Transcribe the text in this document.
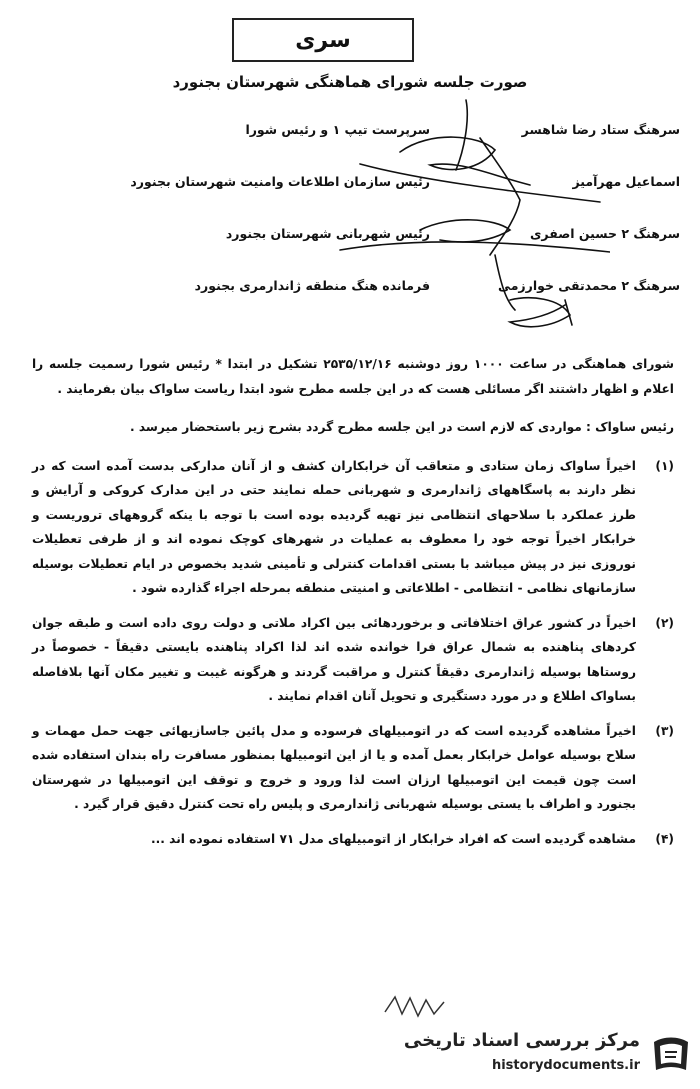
سری
صورت جلسه شورای هماهنگی شهرستان بجنورد
سرهنگ ستاد رضا شاهسر
سرپرست تیپ ۱ و رئیس شورا
اسماعیل مهرآمیز
رئیس سازمان اطلاعات وامنیت شهرستان بجنورد
سرهنگ ۲ حسین اصفری
رئیس شهربانی شهرستان بجنورد
سرهنگ ۲ محمدتقی خوارزمی
فرمانده هنگ منطقه ژاندارمری بجنورد

شورای هماهنگی در ساعت ۱۰۰۰ روز دوشنبه ۲۵۳۵/۱۲/۱۶ تشکیل در ابتدا * رئیس شورا رسمیت جلسه را اعلام و اظهار داشتند اگر مسائلی هست که در این جلسه مطرح شود ابتدا ریاست ساواک بیان بفرمایند .

رئیس ساواک : مواردی که لازم است در این جلسه مطرح گردد بشرح زیر باستحضار میرسد .

(۱)
اخیراً ساواک زمان ستادی و متعاقب آن خرابکاران کشف و از آنان مدارکی بدست آمده است که در نظر دارند به پاسگاههای ژاندارمری و شهربانی حمله نمایند حتی در این مدارک کروکی و آرایش و طرز عملکرد با سلاحهای انتظامی نیز تهیه گردیده بوده است با توجه با ینکه گروههای تروریست و خرابکار اخیراً توجه خود را معطوف به عملیات در شهرهای کوچک نموده اند و از طرفی تعطیلات نوروزی نیز در پیش میباشد با بستی اقدامات کنترلی و تأمینی شدید بخصوص در ایام تعطیلات بوسیله سازمانهای نظامی - انتظامی - اطلاعاتی و امنیتی منطقه بمرحله اجراء گذارده شود .
(۲)
اخیراً در کشور عراق اختلافاتی و برخوردهائی بین اکراد ملاتی و دولت روی داده است و طبقه جوان کردهای پناهنده به شمال عراق فرا خوانده شده اند لذا اکراد پناهنده بایستی دقیقاً - خصوصاً در روستاها بوسیله ژاندارمری دقیقاً کنترل و مراقبت گردند و هرگونه غیبت و تغییر مکان آنها بلافاصله بساواک اطلاع و در مورد دستگیری و تحویل آنان اقدام نمایند .
(۳)
اخیراً مشاهده گردیده است که در اتومبیلهای فرسوده و مدل پائین جاسازیهائی جهت حمل مهمات و سلاح بوسیله عوامل خرابکار بعمل آمده و یا از این اتومبیلها بمنظور مسافرت راه بندان استفاده شده است چون قیمت این اتومبیلها ارزان است لذا ورود و خروج و توقف این اتومبیلها در شهرستان بجنورد و اطراف با یستی بوسیله شهربانی ژاندارمری و پلیس راه تحت کنترل دقیق قرار گیرد .
(۴)
مشاهده گردیده است که افراد خرابکار از اتومبیلهای مدل ۷۱ استفاده نموده اند ...
مرکز بررسی اسناد تاریخی
historydocuments.ir
